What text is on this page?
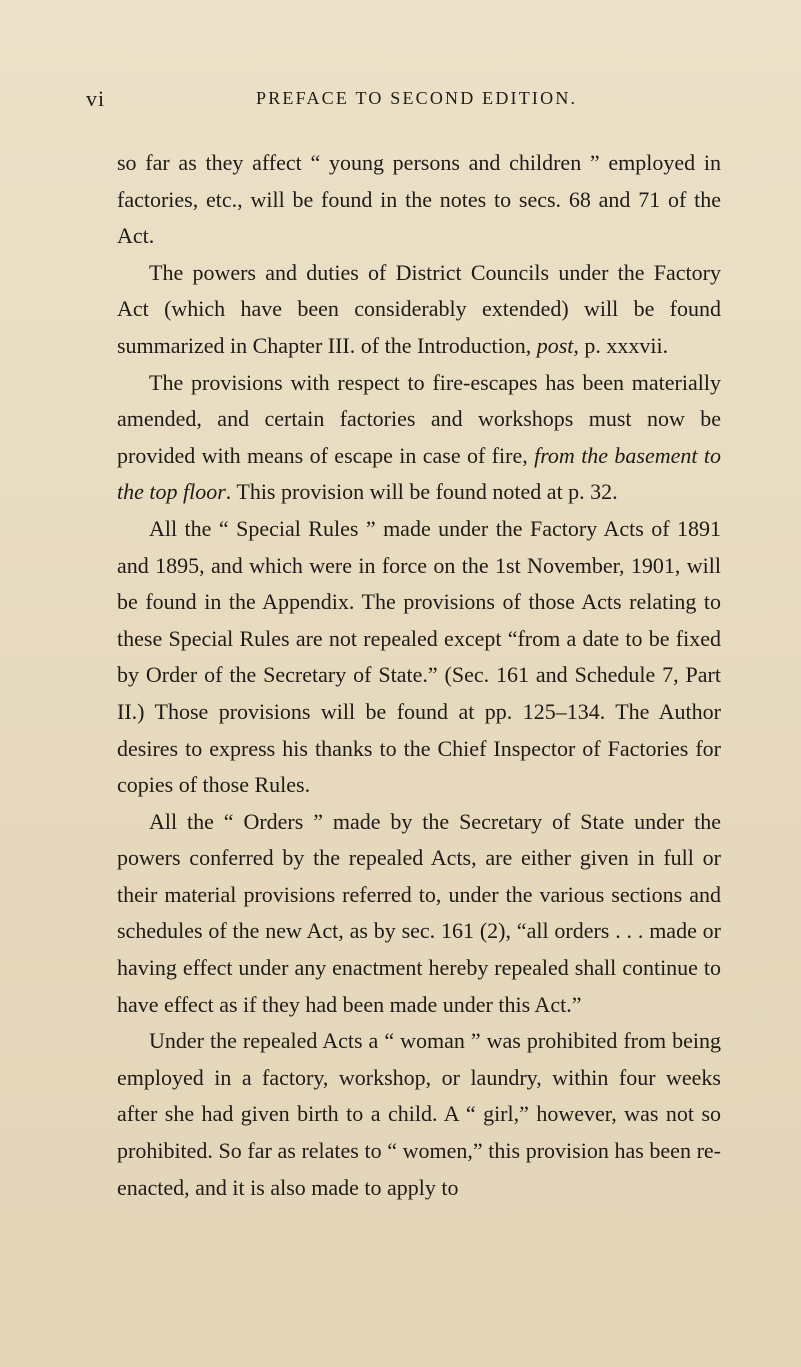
vi	PREFACE TO SECOND EDITION.

so far as they affect “ young persons and children ” employed in factories, etc., will be found in the notes to secs. 68 and 71 of the Act.

The powers and duties of District Councils under the Factory Act (which have been considerably extended) will be found summarized in Chapter III. of the Introduction, post, p. xxxvii.

The provisions with respect to fire-escapes has been materially amended, and certain factories and workshops must now be provided with means of escape in case of fire, from the basement to the top floor. This provision will be found noted at p. 32.

All the “ Special Rules ” made under the Factory Acts of 1891 and 1895, and which were in force on the 1st November, 1901, will be found in the Appendix. The provisions of those Acts relating to these Special Rules are not repealed except “from a date to be fixed by Order of the Secretary of State.” (Sec. 161 and Schedule 7, Part II.) Those provisions will be found at pp. 125–134. The Author desires to express his thanks to the Chief Inspector of Factories for copies of those Rules.

All the “ Orders ” made by the Secretary of State under the powers conferred by the repealed Acts, are either given in full or their material provisions referred to, under the various sections and schedules of the new Act, as by sec. 161 (2), “all orders . . . made or having effect under any enactment hereby repealed shall continue to have effect as if they had been made under this Act.”

Under the repealed Acts a “ woman ” was prohibited from being employed in a factory, workshop, or laundry, within four weeks after she had given birth to a child. A “ girl,” however, was not so prohibited. So far as relates to “ women,” this provision has been re-enacted, and it is also made to apply to
